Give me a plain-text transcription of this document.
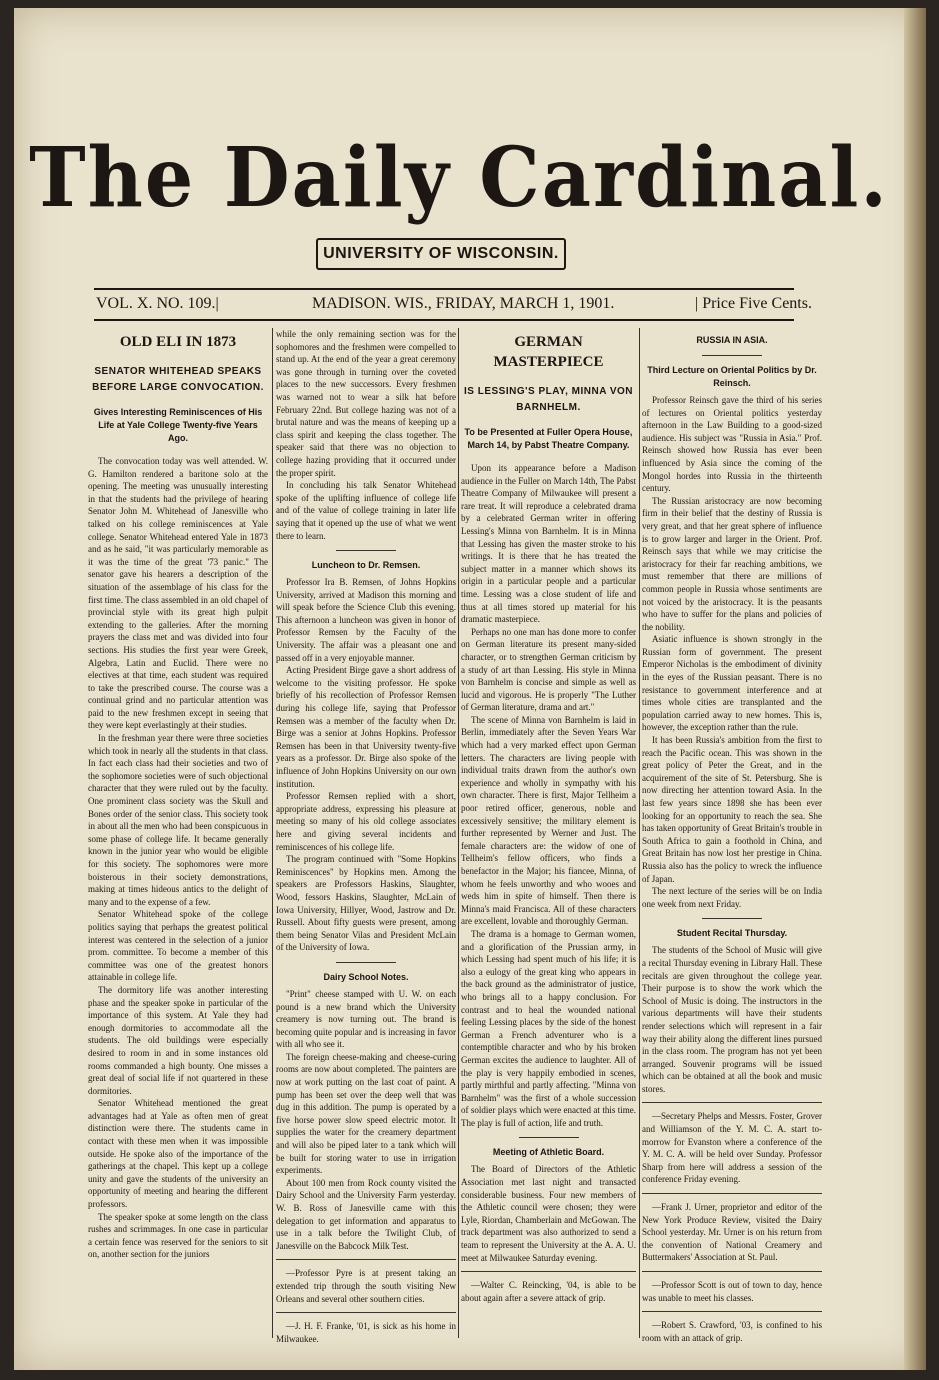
The Daily Cardinal.
UNIVERSITY OF WISCONSIN.
VOL. X. NO. 109.|	MADISON. WIS., FRIDAY, MARCH 1, 1901.	| Price Five Cents.
OLD ELI IN 1873
SENATOR WHITEHEAD SPEAKS BEFORE LARGE CONVOCATION.
Gives Interesting Reminiscences of His Life at Yale College Twenty-five Years Ago.

The convocation today was well attended. W. G. Hamilton rendered a baritone solo at the opening. The meeting was unusually interesting in that the students had the privilege of hearing Senator John M. Whitehead of Janesville who talked on his college reminiscences at Yale college. Senator Whitehead entered Yale in 1873 and as he said, "it was particularly memorable as it was the time of the great '73 panic." The senator gave his hearers a description of the situation of the assemblage of his class for the first time. The class assembled in an old chapel of provincial style with its great high pulpit extending to the galleries. After the morning prayers the class met and was divided into four sections. His studies the first year were Greek, Algebra, Latin and Euclid. There were no electives at that time, each student was required to take the prescribed course. The course was a continual grind and no particular attention was paid to the new freshmen except in seeing that they were kept everlastingly at their studies.

In the freshman year there were three societies which took in nearly all the students in that class. In fact each class had their societies and two of the sophomore societies were of such objectional character that they were ruled out by the faculty. One prominent class society was the Skull and Bones order of the senior class. This society took in about all the men who had been conspicuous in some phase of college life. It became generally known in the junior year who would be eligible for this society. The sophomores were more boisterous in their society demonstrations, making at times hideous antics to the delight of many and to the expense of a few.

Senator Whitehead spoke of the college politics saying that perhaps the greatest political interest was centered in the selection of a junior prom. committee. To become a member of this committee was one of the greatest honors attainable in college life.

The dormitory life was another interesting phase and the speaker spoke in particular of the importance of this system. At Yale they had enough dormitories to accommodate all the students. The old buildings were especially desired to room in and in some instances old rooms commanded a high bounty. One misses a great deal of social life if not quartered in these dormitories.

Senator Whitehead mentioned the great advantages had at Yale as often men of great distinction were there. The students came in contact with these men when it was impossible outside. He spoke also of the importance of the gatherings at the chapel. This kept up a college unity and gave the students of the university an opportunity of meeting and hearing the different professors.

The speaker spoke at some length on the class rushes and scrimmages. In one case in particular a certain fence was reserved for the seniors to sit on, another section for the juniors

while the only remaining section was for the sophomores and the freshmen were compelled to stand up. At the end of the year a great ceremony was gone through in turning over the coveted places to the new successors. Every freshmen was warned not to wear a silk hat before February 22nd. But college hazing was not of a brutal nature and was the means of keeping up a class spirit and keeping the class together. The speaker said that there was no objection to college hazing providing that it occurred under the proper spirit.

In concluding his talk Senator Whitehead spoke of the uplifting influence of college life and of the value of college training in later life saying that it opened up the use of what we went there to learn.

Luncheon to Dr. Remsen.

Professor Ira B. Remsen, of Johns Hopkins University, arrived at Madison this morning and will speak before the Science Club this evening. This afternoon a luncheon was given in honor of Professor Remsen by the Faculty of the University. The affair was a pleasant one and passed off in a very enjoyable manner.

Acting President Birge gave a short address of welcome to the visiting professor. He spoke briefly of his recollection of Professor Remsen during his college life, saying that Professor Remsen was a member of the faculty when Dr. Birge was a senior at Johns Hopkins. Professor Remsen has been in that University twenty-five years as a professor. Dr. Birge also spoke of the influence of John Hopkins University on our own institution.

Professor Remsen replied with a short, appropriate address, expressing his pleasure at meeting so many of his old college associates here and giving several incidents and reminiscences of his college life.

The program continued with "Some Hopkins Reminiscences" by Hopkins men. Among the speakers are Professors Haskins, Slaughter, Wood, fessors Haskins, Slaughter, McLain of Iowa University, Hillyer, Wood, Jastrow and Dr. Russell. About fifty guests were present, among them being Senator Vilas and President McLain of the University of Iowa.

Dairy School Notes.

"Print" cheese stamped with U. W. on each pound is a new brand which the University creamery is now turning out. The brand is becoming quite popular and is increasing in favor with all who see it.

The foreign cheese-making and cheese-curing rooms are now about completed. The painters are now at work putting on the last coat of paint. A pump has been set over the deep well that was dug in this addition. The pump is operated by a five horse power slow speed electric motor. It supplies the water for the creamery department and will also be piped later to a tank which will be built for storing water to use in irrigation experiments.

About 100 men from Rock county visited the Dairy School and the University Farm yesterday. W. B. Ross of Janesville came with this delegation to get information and apparatus to use in a talk before the Twilight Club, of Janesville on the Babcock Milk Test.

—Professor Pyre is at present taking an extended trip through the south visiting New Orleans and several other southern cities.

—J. H. F. Franke, '01, is sick as his home in Milwaukee.

GERMAN MASTERPIECE
IS LESSING'S PLAY, MINNA VON BARNHELM.
To be Presented at Fuller Opera House, March 14, by Pabst Theatre Company.

Upon its appearance before a Madison audience in the Fuller on March 14th, The Pabst Theatre Company of Milwaukee will present a rare treat. It will reproduce a celebrated drama by a celebrated German writer in offering Lessing's Minna von Barnhelm. It is in Minna that Lessing has given the master stroke to his writings. It is there that he has treated the subject matter in a manner which shows its origin in a particular people and a particular time. Lessing was a close student of life and thus at all times stored up material for his dramatic masterpiece.

Perhaps no one man has done more to confer on German literature its present many-sided character, or to strengthen German criticism by a study of art than Lessing. His style in Minna von Barnhelm is concise and simple as well as lucid and vigorous. He is properly "The Luther of German literature, drama and art."

The scene of Minna von Barnhelm is laid in Berlin, immediately after the Seven Years War which had a very marked effect upon German letters. The characters are living people with individual traits drawn from the author's own experience and wholly in sympathy with his own character. There is first, Major Tellheim a poor retired officer, generous, noble and excessively sensitive; the military element is further represented by Werner and Just. The female characters are: the widow of one of Tellheim's fellow officers, who finds a benefactor in the Major; his fiancee, Minna, of whom he feels unworthy and who wooes and weds him in spite of himself. Then there is Minna's maid Francisca. All of these characters are excellent, lovable and thoroughly German.

The drama is a homage to German women, and a glorification of the Prussian army, in which Lessing had spent much of his life; it is also a eulogy of the great king who appears in the back ground as the administrator of justice, who brings all to a happy conclusion. For contrast and to heal the wounded national feeling Lessing places by the side of the honest German a French adventurer who is a contemptible character and who by his broken German excites the audience to laughter. All of the play is very happily embodied in scenes, partly mirthful and partly affecting. "Minna von Barnhelm" was the first of a whole succession of soldier plays which were enacted at this time. The play is full of action, life and truth.

Meeting of Athletic Board.

The Board of Directors of the Athletic Association met last night and transacted considerable business. Four new members of the Athletic council were chosen; they were Lyle, Riordan, Chamberlain and McGowan. The track department was also authorized to send a team to represent the University at the A. A. U. meet at Milwaukee Saturday evening.

—Walter C. Reincking, '04, is able to be about again after a severe attack of grip.

RUSSIA IN ASIA.
Third Lecture on Oriental Politics by Dr. Reinsch.

Professor Reinsch gave the third of his series of lectures on Oriental politics yesterday afternoon in the Law Building to a good-sized audience. His subject was "Russia in Asia." Prof. Reinsch showed how Russia has ever been influenced by Asia since the coming of the Mongol hordes into Russia in the thirteenth century.

The Russian aristocracy are now becoming firm in their belief that the destiny of Russia is very great, and that her great sphere of influence is to grow larger and larger in the Orient. Prof. Reinsch says that while we may criticise the aristocracy for their far reaching ambitions, we must remember that there are millions of common people in Russia whose sentiments are not voiced by the aristocracy. It is the peasants who have to suffer for the plans and policies of the nobility.

Asiatic influence is shown strongly in the Russian form of government. The present Emperor Nicholas is the embodiment of divinity in the eyes of the Russian peasant. There is no resistance to government interference and at times whole cities are transplanted and the population carried away to new homes. This is, however, the exception rather than the rule.

It has been Russia's ambition from the first to reach the Pacific ocean. This was shown in the great policy of Peter the Great, and in the acquirement of the site of St. Petersburg. She is now directing her attention toward Asia. In the last few years since 1898 she has been ever looking for an opportunity to reach the sea. She has taken opportunity of Great Britain's trouble in South Africa to gain a foothold in China, and Great Britain has now lost her prestige in China. Russia also has the policy to wreck the influence of Japan.

The next lecture of the series will be on India one week from next Friday.

Student Recital Thursday.

The students of the School of Music will give a recital Thursday evening in Library Hall. These recitals are given throughout the college year. Their purpose is to show the work which the School of Music is doing. The instructors in the various departments will have their students render selections which will represent in a fair way their ability along the different lines pursued in the class room. The program has not yet been arranged. Souvenir programs will be issued which can be obtained at all the book and music stores.

—Secretary Phelps and Messrs. Foster, Grover and Williamson of the Y. M. C. A. start to-morrow for Evanston where a conference of the Y. M. C. A. will be held over Sunday. Professor Sharp from here will address a session of the conference Friday evening.

—Frank J. Urner, proprietor and editor of the New York Produce Review, visited the Dairy School yesterday. Mr. Urner is on his return from the convention of National Creamery and Buttermakers' Association at St. Paul.

—Professor Scott is out of town to day, hence was unable to meet his classes.

—Robert S. Crawford, '03, is confined to his room with an attack of grip.
